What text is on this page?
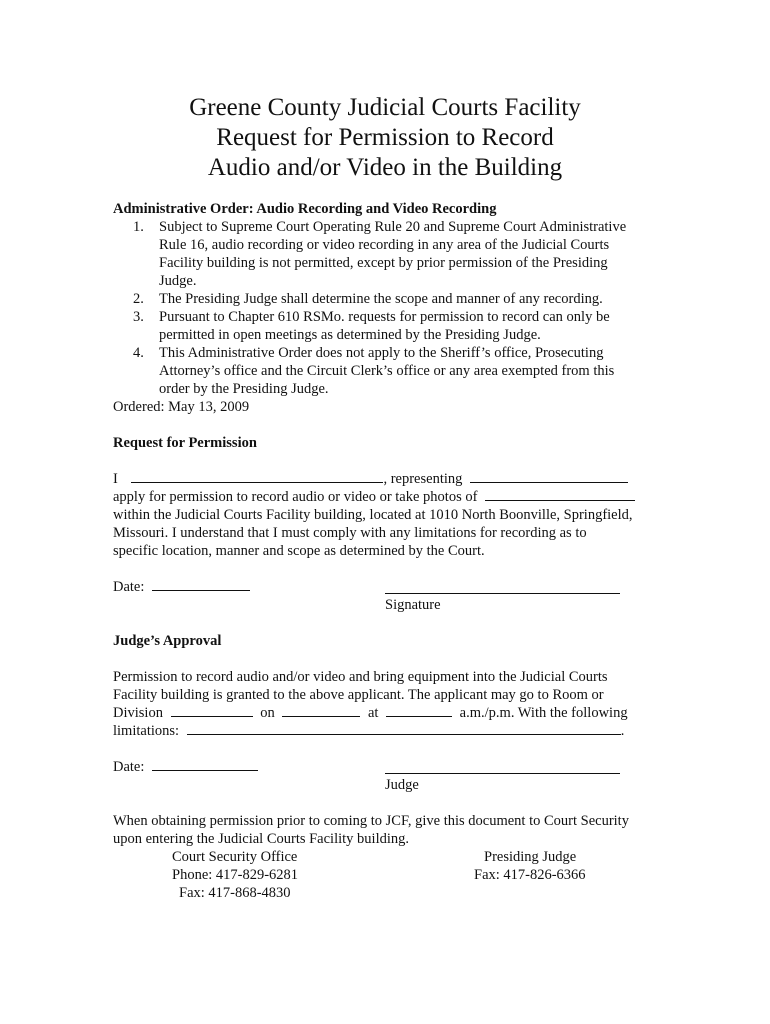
Greene County Judicial Courts Facility
Request for Permission to Record
Audio and/or Video in the Building
Administrative Order: Audio Recording and Video Recording
1. Subject to Supreme Court Operating Rule 20 and Supreme Court Administrative
Rule 16, audio recording or video recording in any area of the Judicial Courts
Facility building is not permitted, except by prior permission of the Presiding
Judge.
2. The Presiding Judge shall determine the scope and manner of any recording.
3. Pursuant to Chapter 610 RSMo. requests for permission to record can only be
permitted in open meetings as determined by the Presiding Judge.
4. This Administrative Order does not apply to the Sheriff’s office, Prosecuting
Attorney’s office and the Circuit Clerk’s office or any area exempted from this
order by the Presiding Judge.
Ordered: May 13, 2009
Request for Permission
I	, representing
apply for permission to record audio or video or take photos of
within the Judicial Courts Facility building, located at 1010 North Boonville, Springfield,
Missouri. I understand that I must comply with any limitations for recording as to
specific location, manner and scope as determined by the Court.
Date:
Signature
Judge’s Approval
Permission to record audio and/or video and bring equipment into the Judicial Courts
Facility building is granted to the above applicant. The applicant may go to Room or
Division	on	at	a.m./p.m. With the following
limitations:	.
Date:
Judge
When obtaining permission prior to coming to JCF, give this document to Court Security
upon entering the Judicial Courts Facility building.
Court Security Office	Presiding Judge
Phone: 417-829-6281	Fax: 417-826-6366
Fax: 417-868-4830
